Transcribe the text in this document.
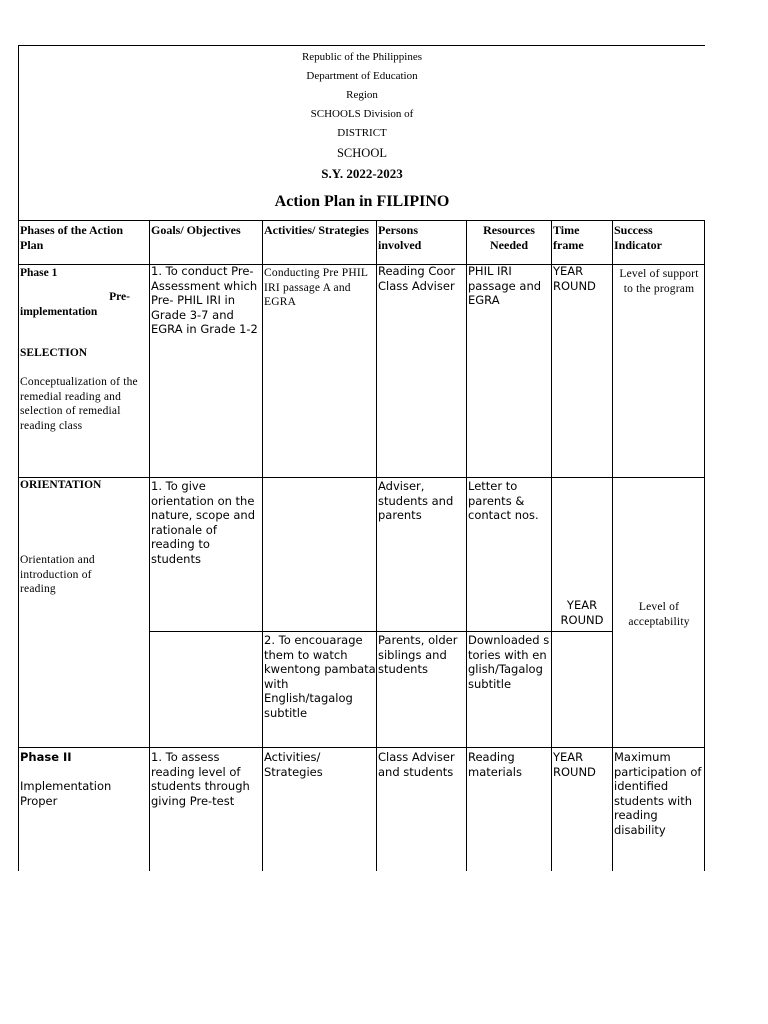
Republic of the Philippines
Department of Education
Region
SCHOOLS Division of
DISTRICT
SCHOOL
S.Y. 2022-2023
Action Plan in FILIPINO
Phases of the Action Plan
Goals/ Objectives	Activities/ Strategies Persons involved
Resources Needed
Time frame
Success Indicator
Phase 1
Pre-
implementation
SELECTION
Conceptualization of the remedial reading and selection of remedial reading class
1. To conduct Pre-Assessment which Pre- PHIL IRI in Grade 3-7 and EGRA in Grade 1-2
Conducting Pre PHIL IRI passage A and EGRA
Reading Coor Class Adviser
PHIL IRI passage and EGRA
YEAR ROUND
Level of support to the program
ORIENTATION
Orientation and introduction of reading
1. To give orientation on the nature, scope and rationale of reading to students
Adviser, students and parents
Letter to parents & contact nos.
YEAR ROUND
Level of acceptability
2. To encouarage them to watch kwentong pambata with English/tagalog subtitle
Parents, older siblings and students
Downloaded stories with english/Tagalog subtitle
Phase II
Implementation Proper
1. To assess reading level of students through giving Pre-test
Activities/ Strategies
Class Adviser and students
Reading materials
YEAR ROUND
Maximum participation of identified students with reading disability
